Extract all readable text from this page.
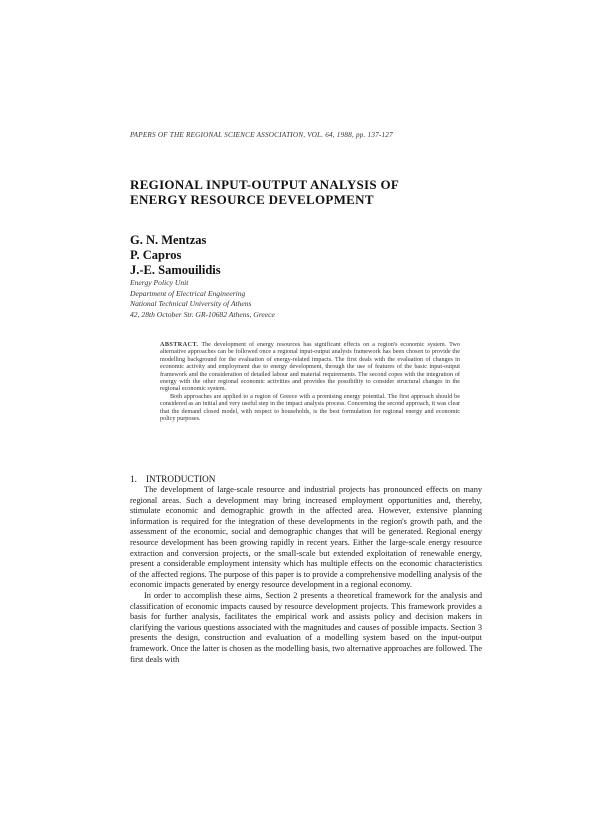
PAPERS OF THE REGIONAL SCIENCE ASSOCIATION, VOL. 64, 1988, pp. 137-127
REGIONAL INPUT-OUTPUT ANALYSIS OF
ENERGY RESOURCE DEVELOPMENT
G. N. Mentzas
P. Capros
J.-E. Samouilidis
Energy Policy Unit
Department of Electrical Engineering
National Technical University of Athens
42, 28th October Str. GR-10682 Athens, Greece

ABSTRACT. The development of energy resources has significant effects on a region's economic system. Two alternative approaches can be followed once a regional input-output analysis framework has been chosen to provide the modelling background for the evaluation of energy-related impacts. The first deals with the evaluation of changes in economic activity and employment due to energy development, through the use of features of the basic input-output framework and the consideration of detailed labour and material requirements. The second copes with the integration of energy with the other regional economic activities and provides the possibility to consider structural changes in the regional economic system.

Both approaches are applied to a region of Greece with a promising energy potential. The first approach should be considered as an initial and very useful step in the impact analysis process. Concerning the second approach, it was clear that the demand closed model, with respect to households, is the best formulation for regional energy and economic policy purposes.

1. INTRODUCTION

The development of large-scale resource and industrial projects has pronounced effects on many regional areas. Such a development may bring increased employment opportunities and, thereby, stimulate economic and demographic growth in the affected area. However, extensive planning information is required for the integration of these developments in the region's growth path, and the assessment of the economic, social and demographic changes that will be generated. Regional energy resource development has been growing rapidly in recent years. Either the large-scale energy resource extraction and conversion projects, or the small-scale but extended exploitation of renewable energy, present a considerable employment intensity which has multiple effects on the economic characteristics of the affected regions. The purpose of this paper is to provide a comprehensive modelling analysis of the economic impacts generated by energy resource development in a regional economy.

In order to accomplish these aims, Section 2 presents a theoretical framework for the analysis and classification of economic impacts caused by resource development projects. This framework provides a basis for further analysis, facilitates the empirical work and assists policy and decision makers in clarifying the various questions associated with the magnitudes and causes of possible impacts. Section 3 presents the design, construction and evaluation of a modelling system based on the input-output framework. Once the latter is chosen as the modelling basis, two alternative approaches are followed. The first deals with
